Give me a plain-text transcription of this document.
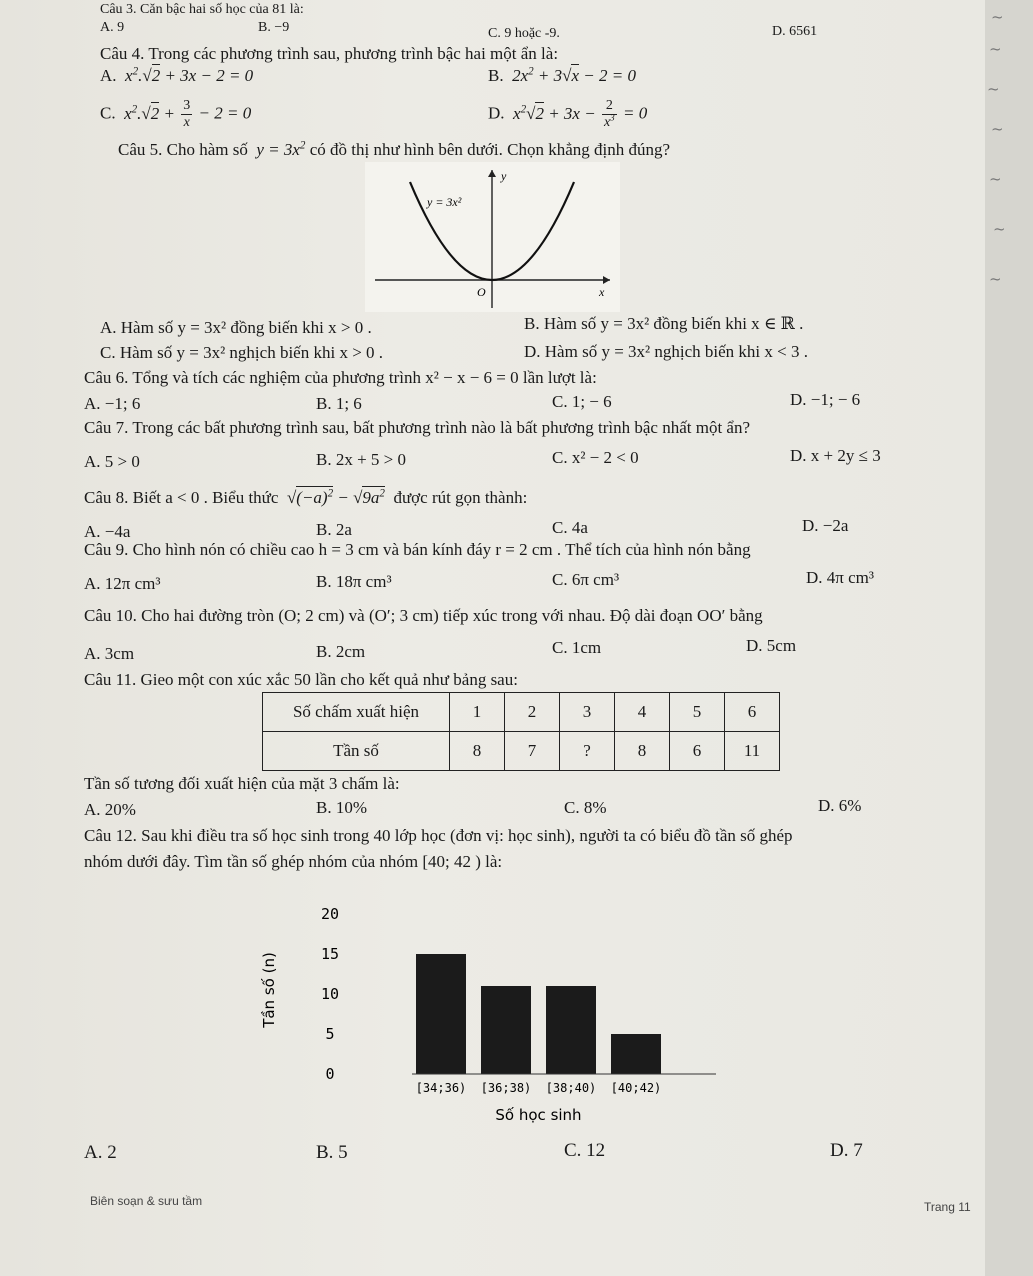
Câu 3. Căn bậc hai số học của 81 là:
A. 9	B. −9	C. 9 hoặc -9.	D. 6561
Câu 4. Trong các phương trình sau, phương trình bậc hai một ẩn là:
A.  $x^2.√2 + 3x - 2 = 0$	B.  $2x^2 + 3√x - 2 = 0$
C.  $x^2.√2 + \frac{3}{x} - 2 = 0$	D.  $x^2√2 + 3x - \frac{2}{x^3} = 0$
Câu 5. Cho hàm số $y = 3x^2$ có đồ thị như hình bên dưới. Chọn khẳng định đúng?
y
x
O
y = 3x²
A. Hàm số y = 3x² đồng biến khi x > 0 .	B. Hàm số y = 3x² đồng biến khi x ∈ ℝ .
C. Hàm số y = 3x² nghịch biến khi x > 0 .	D. Hàm số y = 3x² nghịch biến khi x < 3 .
Câu 6. Tổng và tích các nghiệm của phương trình x² − x − 6 = 0 lần lượt là:
A. −1; 6	B. 1; 6	C. 1; − 6	D. −1; − 6
Câu 7. Trong các bất phương trình sau, bất phương trình nào là bất phương trình bậc nhất một ẩn?
A. 5 > 0	B. 2x + 5 > 0	C. x² − 2 < 0	D. x + 2y ≤ 3
Câu 8. Biết a < 0 . Biểu thức  $√(-a)^2 - √9a^2$ được rút gọn thành:
A. −4a	B. 2a	C. 4a	D. −2a
Câu 9. Cho hình nón có chiều cao h = 3 cm và bán kính đáy r = 2 cm . Thể tích của hình nón bằng
A. 12π cm³	B. 18π cm³	C. 6π cm³	D. 4π cm³
Câu 10. Cho hai đường tròn (O; 2 cm) và (O′; 3 cm) tiếp xúc trong với nhau. Độ dài đoạn OO′ bằng
A. 3cm	B. 2cm	C. 1cm	D. 5cm
Câu 11. Gieo một con xúc xắc 50 lần cho kết quả như bảng sau:
Số chấm xuất hiện	1	2	3	4	5	6
Tần số	8	7	?	8	6	11
Tần số tương đối xuất hiện của mặt 3 chấm là:
A. 20%	B. 10%	C. 8%	D. 6%
Câu 12. Sau khi điều tra số học sinh trong 40 lớp học (đơn vị: học sinh), người ta có biểu đồ tần số ghép
nhóm dưới đây. Tìm tần số ghép nhóm của nhóm [40; 42 ) là:
0
5
10
15
20
[34;36) [36;38) [38;40) [40;42)
Tần số (n)
Số học sinh
A. 2	B. 5	C. 12	D. 7
Biên soạn & sưu tầm	Trang 11
~
~
~
~
~
~
~
